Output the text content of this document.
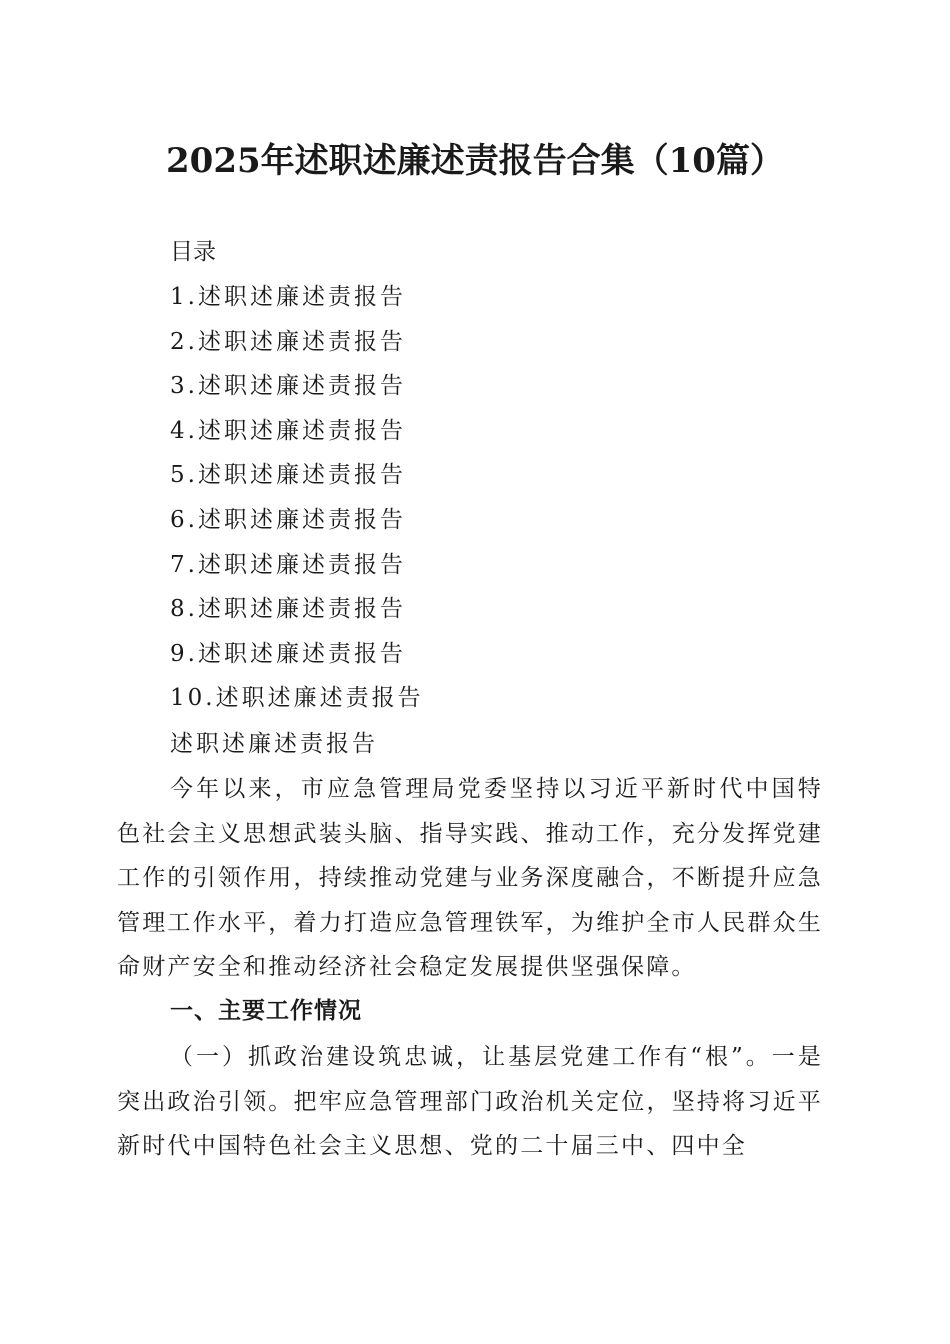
2025年述职述廉述责报告合集（10篇）
目录
1.述职述廉述责报告
2.述职述廉述责报告
3.述职述廉述责报告
4.述职述廉述责报告
5.述职述廉述责报告
6.述职述廉述责报告
7.述职述廉述责报告
8.述职述廉述责报告
9.述职述廉述责报告
10.述职述廉述责报告
述职述廉述责报告

今年以来，市应急管理局党委坚持以习近平新时代中国特色社会主义思想武装头脑、指导实践、推动工作，充分发挥党建工作的引领作用，持续推动党建与业务深度融合，不断提升应急管理工作水平，着力打造应急管理铁军，为维护全市人民群众生命财产安全和推动经济社会稳定发展提供坚强保障。

一、主要工作情况

（一）抓政治建设筑忠诚，让基层党建工作有“根”。一是突出政治引领。把牢应急管理部门政治机关定位，坚持将习近平新时代中国特色社会主义思想、党的二十届三中、四中全
